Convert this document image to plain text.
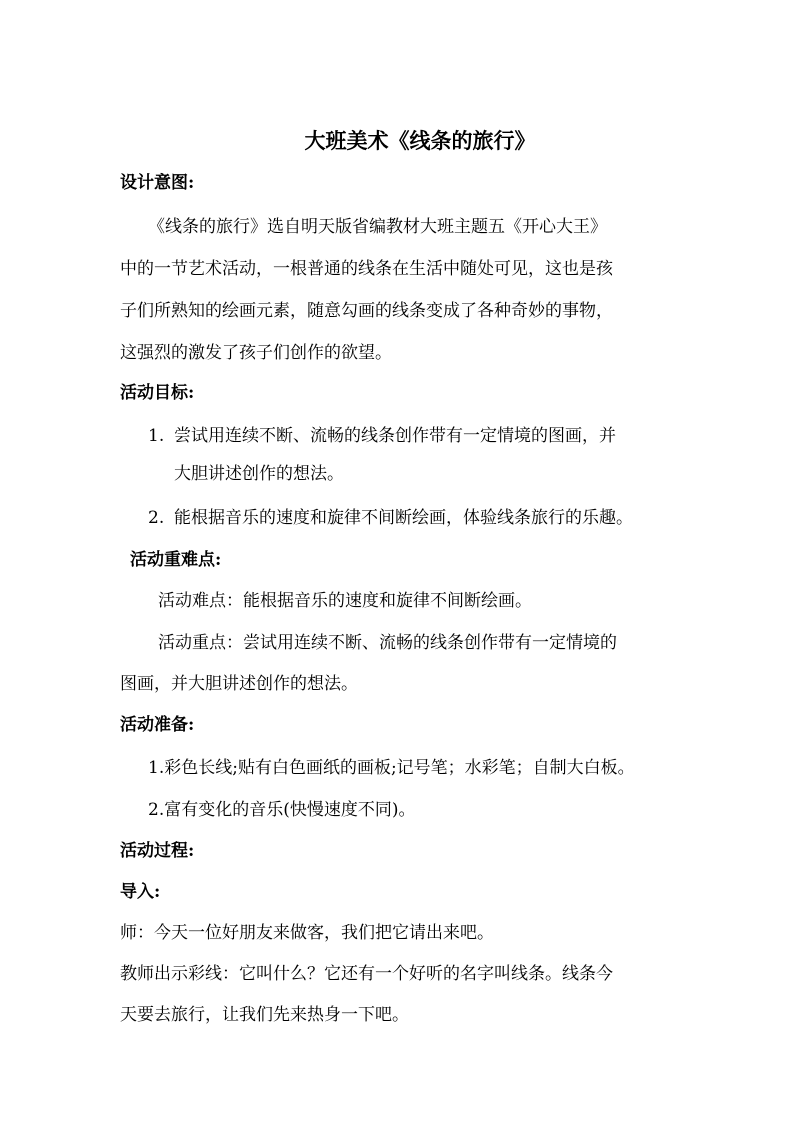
大班美术《线条的旅行》
设计意图:
《线条的旅行》选自明天版省编教材大班主题五《开心大王》
中的一节艺术活动，一根普通的线条在生活中随处可见，这也是孩
子们所熟知的绘画元素，随意勾画的线条变成了各种奇妙的事物，
这强烈的激发了孩子们创作的欲望。
活动目标:
1. 尝试用连续不断、流畅的线条创作带有一定情境的图画，并
大胆讲述创作的想法。
2. 能根据音乐的速度和旋律不间断绘画，体验线条旅行的乐趣。
活动重难点:
活动难点：能根据音乐的速度和旋律不间断绘画。
活动重点：尝试用连续不断、流畅的线条创作带有一定情境的
图画，并大胆讲述创作的想法。
活动准备:
1.彩色长线;贴有白色画纸的画板;记号笔；水彩笔；自制大白板。
2.富有变化的音乐(快慢速度不同)。
活动过程:
导入:
师：今天一位好朋友来做客，我们把它请出来吧。
教师出示彩线：它叫什么？它还有一个好听的名字叫线条。线条今
天要去旅行，让我们先来热身一下吧。
